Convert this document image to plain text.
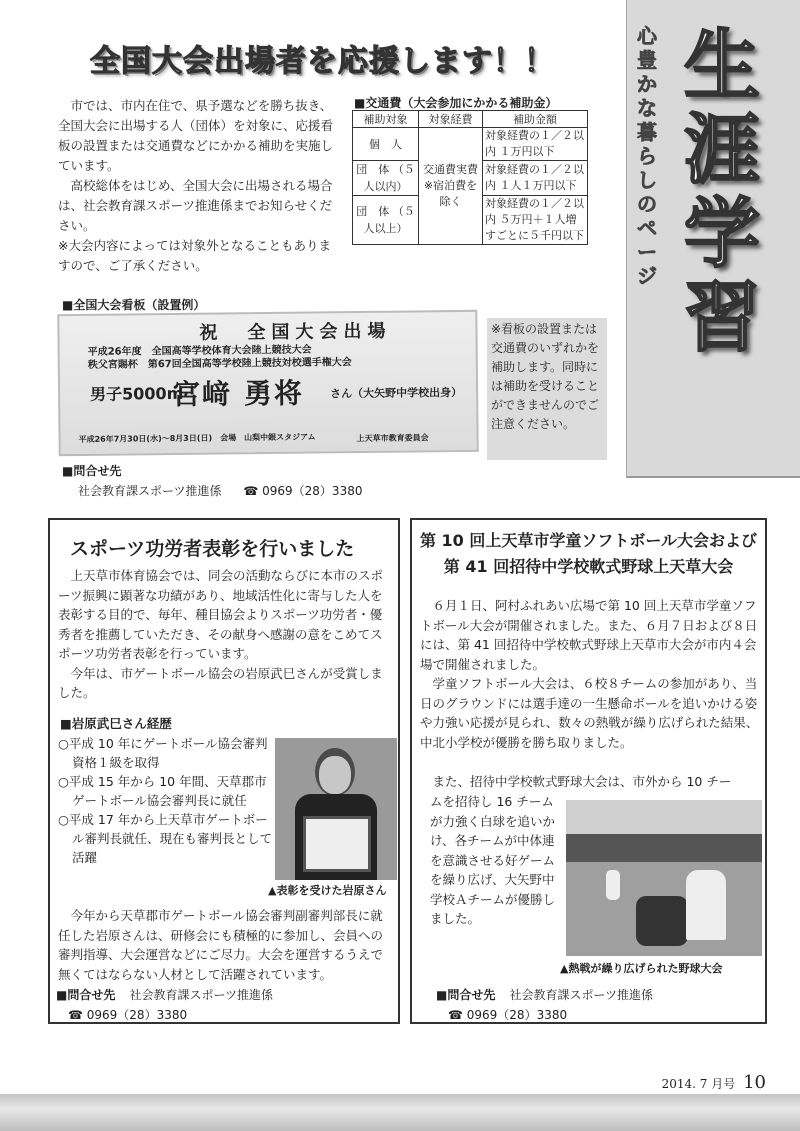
全国大会出場者を応援します！！

市では、市内在住で、県予選などを勝ち抜き、全国大会に出場する人（団体）を対象に、応援看板の設置または交通費などにかかる補助を実施しています。

高校総体をはじめ、全国大会に出場される場合は、社会教育課スポーツ推進係までお知らせください。

※大会内容によっては対象外となることもありますので、ご了承ください。

■交通費（大会参加にかかる補助金）
補助対象	対象経費	補助金額
個　人	交通費実費 ※宿泊費を除く	対象経費の１／２以内 １万円以下
団　体 （５人以内）		対象経費の１／２以内 １人１万円以下
団　体 （５人以上）		対象経費の１／２以内 ５万円＋１人増すごとに５千円以下
■全国大会看板（設置例）
祝　全国大会出場
平成26年度　全国高等学校体育大会陸上競技大会
秩父宮賜杯　第67回全国高等学校陸上競技対校選手権大会
男子5000m
宮﨑 勇将 さん（大矢野中学校出身）
平成26年7月30日(水)～8月3日(日)　会場　山梨中銀スタジアム	上天草市教育委員会
※看板の設置または交通費のいずれかを補助します。同時には補助を受けることができませんのでご注意ください。
■問合せ先
社会教育課スポーツ推進係 ☎ 0969（28）3380
心豊かな暮らしのページ
生涯学習
スポーツ功労者表彰を行いました

上天草市体育協会では、同会の活動ならびに本市のスポーツ振興に顕著な功績があり、地域活性化に寄与した人を表彰する目的で、毎年、種目協会よりスポーツ功労者・優秀者を推薦していただき、その献身へ感謝の意をこめてスポーツ功労者表彰を行っています。

今年は、市ゲートボール協会の岩原武巳さんが受賞しました。

■岩原武巳さん経歴
○平成 10 年にゲートボール協会審判資格１級を取得
○平成 15 年から 10 年間、天草郡市ゲートボール協会審判長に就任
○平成 17 年から上天草市ゲートボール審判長就任、現在も審判長として活躍
▲表彰を受けた岩原さん

今年から天草郡市ゲートボール協会審判副審判部長に就任した岩原さんは、研修会にも積極的に参加し、会員への審判指導、大会運営などにご尽力。大会を運営するうえで無くてはならない人材として活躍されています。

■問合せ先 社会教育課スポーツ推進係
☎ 0969（28）3380
第 10 回上天草市学童ソフトボール大会および
第 41 回招待中学校軟式野球上天草大会

６月１日、阿村ふれあい広場で第 10 回上天草市学童ソフトボール大会が開催されました。また、６月７日および８日には、第 41 回招待中学校軟式野球上天草市大会が市内４会場で開催されました。

学童ソフトボール大会は、６校８チームの参加があり、当日のグラウンドには選手達の一生懸命ボールを追いかける姿や力強い応援が見られ、数々の熱戦が繰り広げられた結果、中北小学校が優勝を勝ち取りました。

また、招待中学校軟式野球大会は、市外から 10 チー

ムを招待し 16 チームが力強く白球を追いかけ、各チームが中体連を意識させる好ゲームを繰り広げ、大矢野中学校Ａチームが優勝しました。

▲熱戦が繰り広げられた野球大会
■問合せ先 社会教育課スポーツ推進係
☎ 0969（28）3380
2014. 7 月号 10
